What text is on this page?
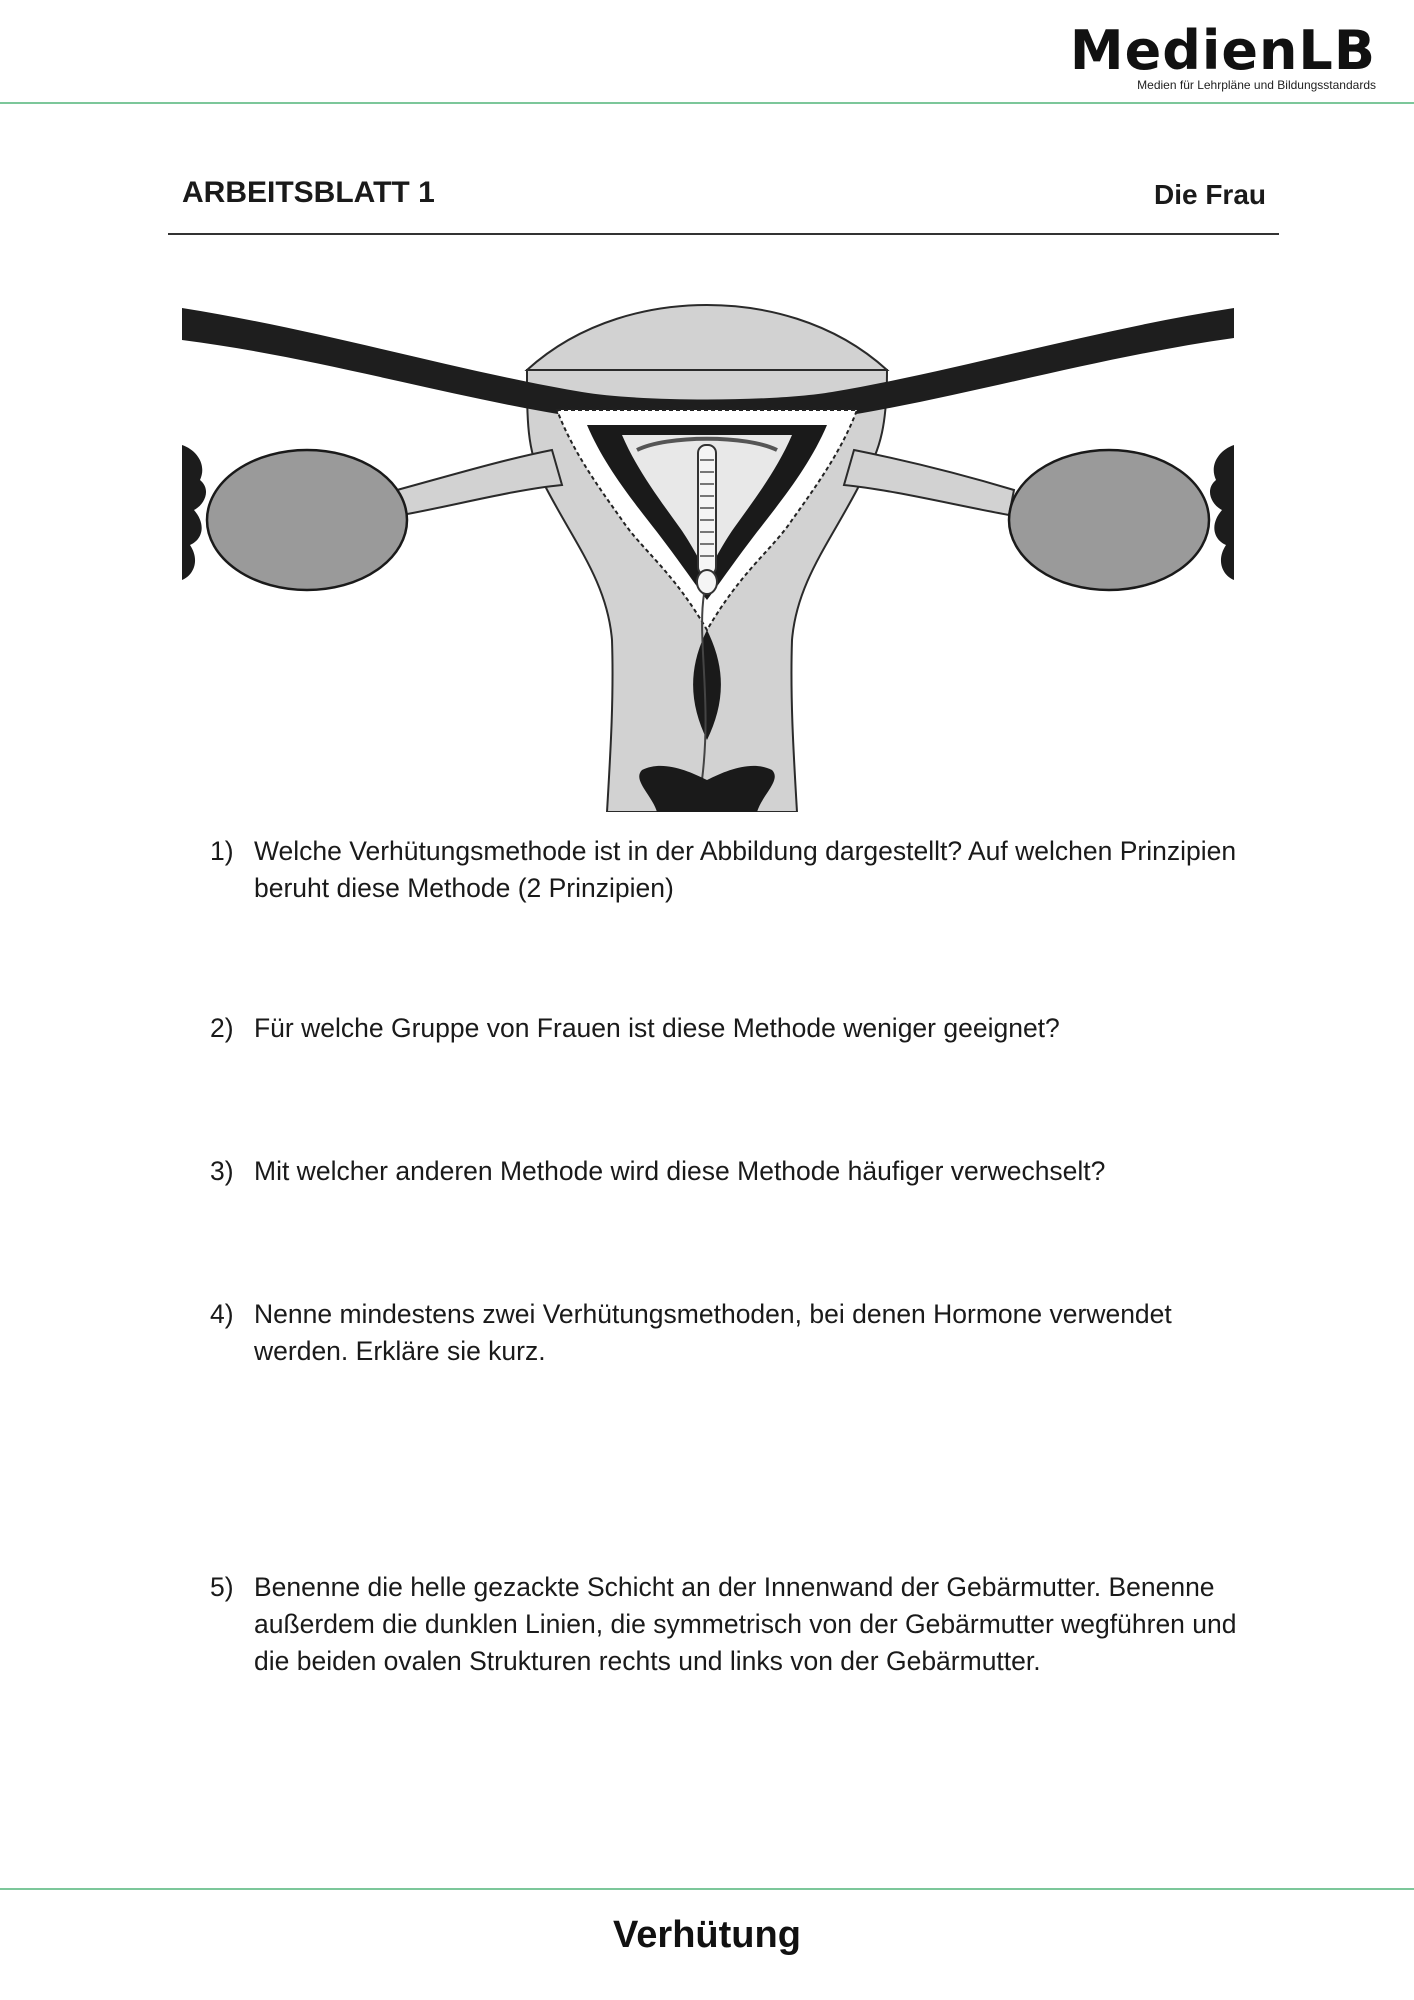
MedienLB
Medien für Lehrpläne und Bildungsstandards
ARBEITSBLATT 1	Die Frau
1) Welche Verhütungsmethode ist in der Abbildung dargestellt? Auf welchen Prinzipien beruht diese Methode (2 Prinzipien)
2) Für welche Gruppe von Frauen ist diese Methode weniger geeignet?
3) Mit welcher anderen Methode wird diese Methode häufiger verwechselt?
4) Nenne mindestens zwei Verhütungsmethoden, bei denen Hormone verwendet werden. Erkläre sie kurz.
5) Benenne die helle gezackte Schicht an der Innenwand der Gebärmutter. Benenne außerdem die dunklen Linien, die symmetrisch von der Gebärmutter wegführen und die beiden ovalen Strukturen rechts und links von der Gebärmutter.
Verhütung
